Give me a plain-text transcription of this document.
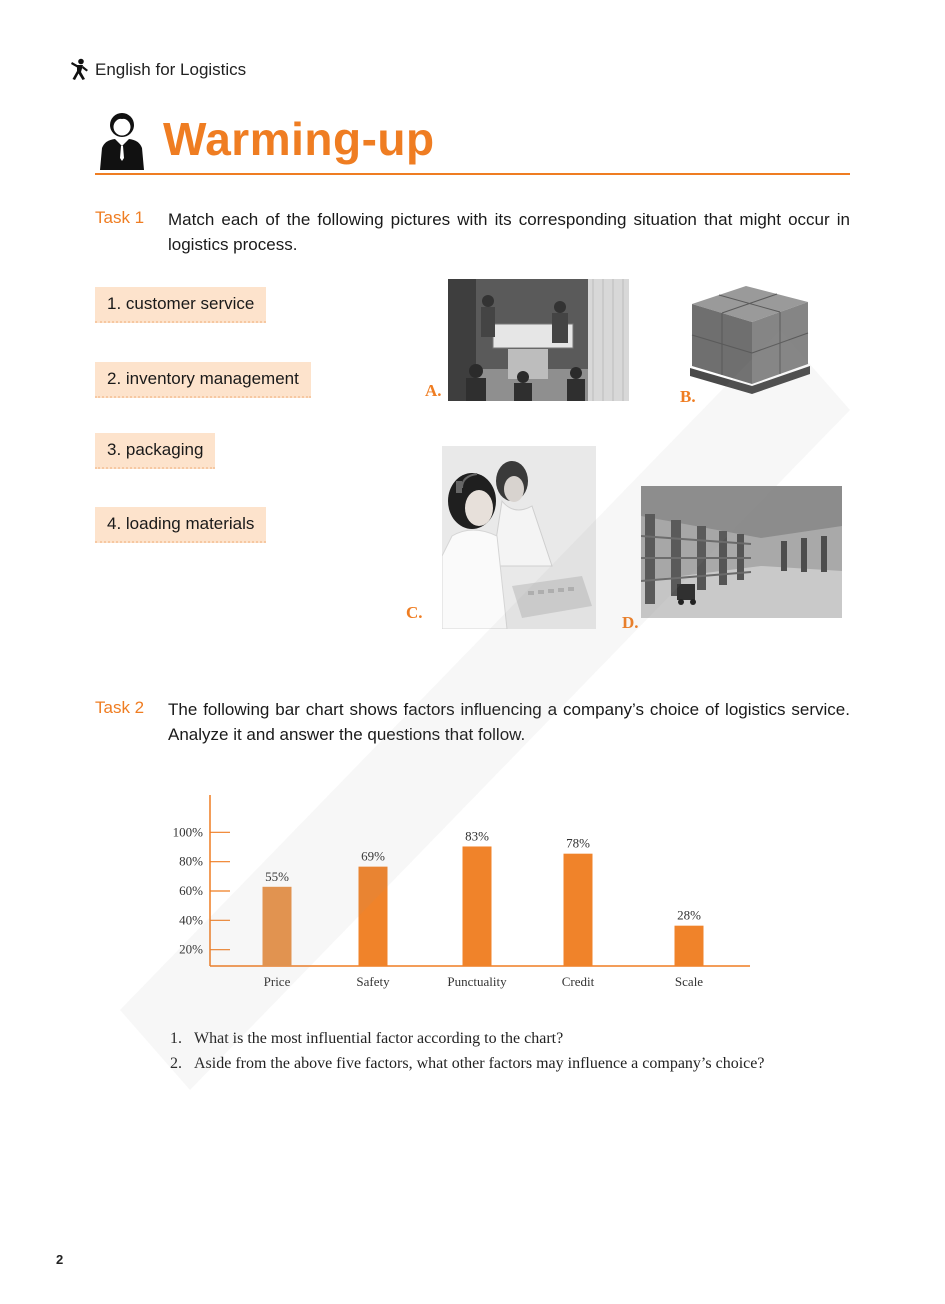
English for Logistics
Warming-up
Task 1 Match each of the following pictures with its corresponding situation that might occur in logistics process.
1. customer service
2. inventory management
3. packaging
4. loading materials
A.	B.
C.
D.
Task 2 The following bar chart shows factors influencing a company’s choice of logistics service. Analyze it and answer the questions that follow.
20%
40%
60%
80%
100%
55%
Price
69%
Safety
83%
Punctuality
78%
Credit
28%
Scale
1. What is the most influential factor according to the chart?
2. Aside from the above five factors, what other factors may influence a company’s choice?
2
